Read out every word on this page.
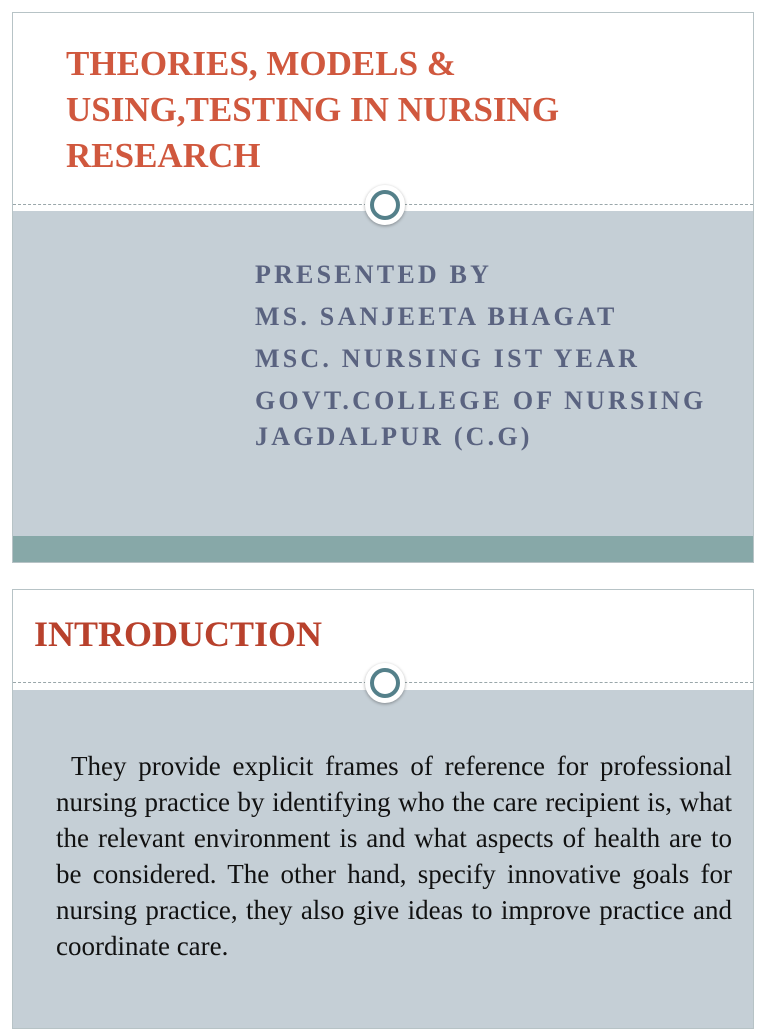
THEORIES, MODELS & USING,TESTING IN NURSING RESEARCH
PRESENTED BY
MS. SANJEETA BHAGAT
MSC. NURSING IST YEAR
GOVT.COLLEGE OF NURSING JAGDALPUR (C.G)
INTRODUCTION

They provide explicit frames of reference for professional nursing practice by identifying who the care recipient is, what the relevant environment is and what aspects of health are to be considered. The other hand, specify innovative goals for nursing practice, they also give ideas to improve practice and coordinate care.
